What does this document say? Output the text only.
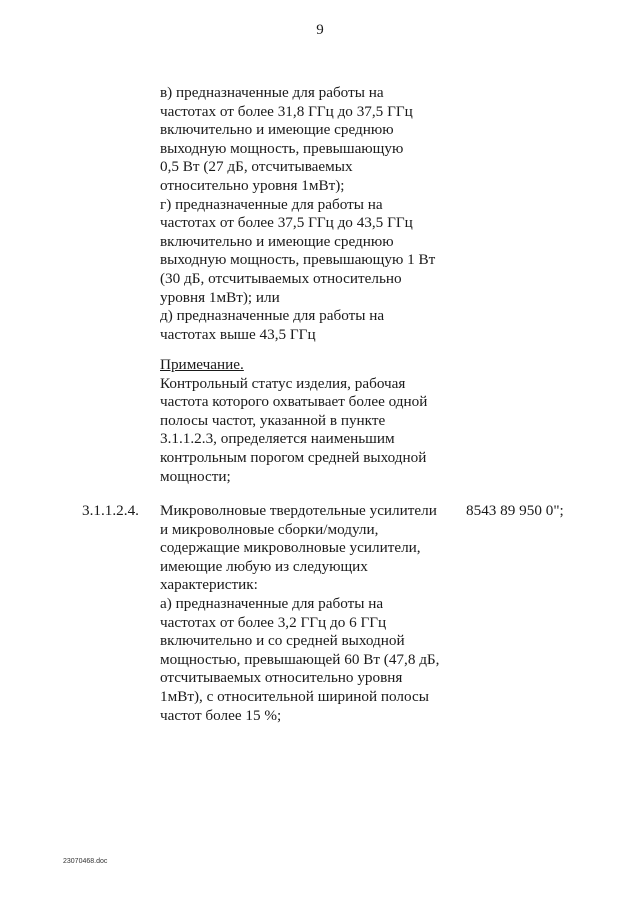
9
в) предназначенные для работы на
частотах от более 31,8 ГГц до 37,5 ГГц
включительно и имеющие среднюю
выходную мощность, превышающую
0,5 Вт (27 дБ, отсчитываемых
относительно уровня 1мВт);
г) предназначенные для работы на
частотах от более 37,5 ГГц до 43,5 ГГц
включительно и имеющие среднюю
выходную мощность, превышающую 1 Вт
(30 дБ, отсчитываемых относительно
уровня 1мВт); или
д) предназначенные для работы на
частотах выше 43,5 ГГц
Примечание.
Контрольный статус изделия, рабочая
частота которого охватывает более одной
полосы частот, указанной в пункте
3.1.1.2.3, определяется наименьшим
контрольным порогом средней выходной
мощности;
3.1.1.2.4.	8543 89 950 0";
Микроволновые твердотельные усилители
и микроволновые сборки/модули,
содержащие микроволновые усилители,
имеющие любую из следующих
характеристик:
а) предназначенные для работы на
частотах от более 3,2 ГГц до 6 ГГц
включительно и со средней выходной
мощностью, превышающей 60 Вт (47,8 дБ,
отсчитываемых относительно уровня
1мВт), с относительной шириной полосы
частот более 15 %;
23070468.doc
